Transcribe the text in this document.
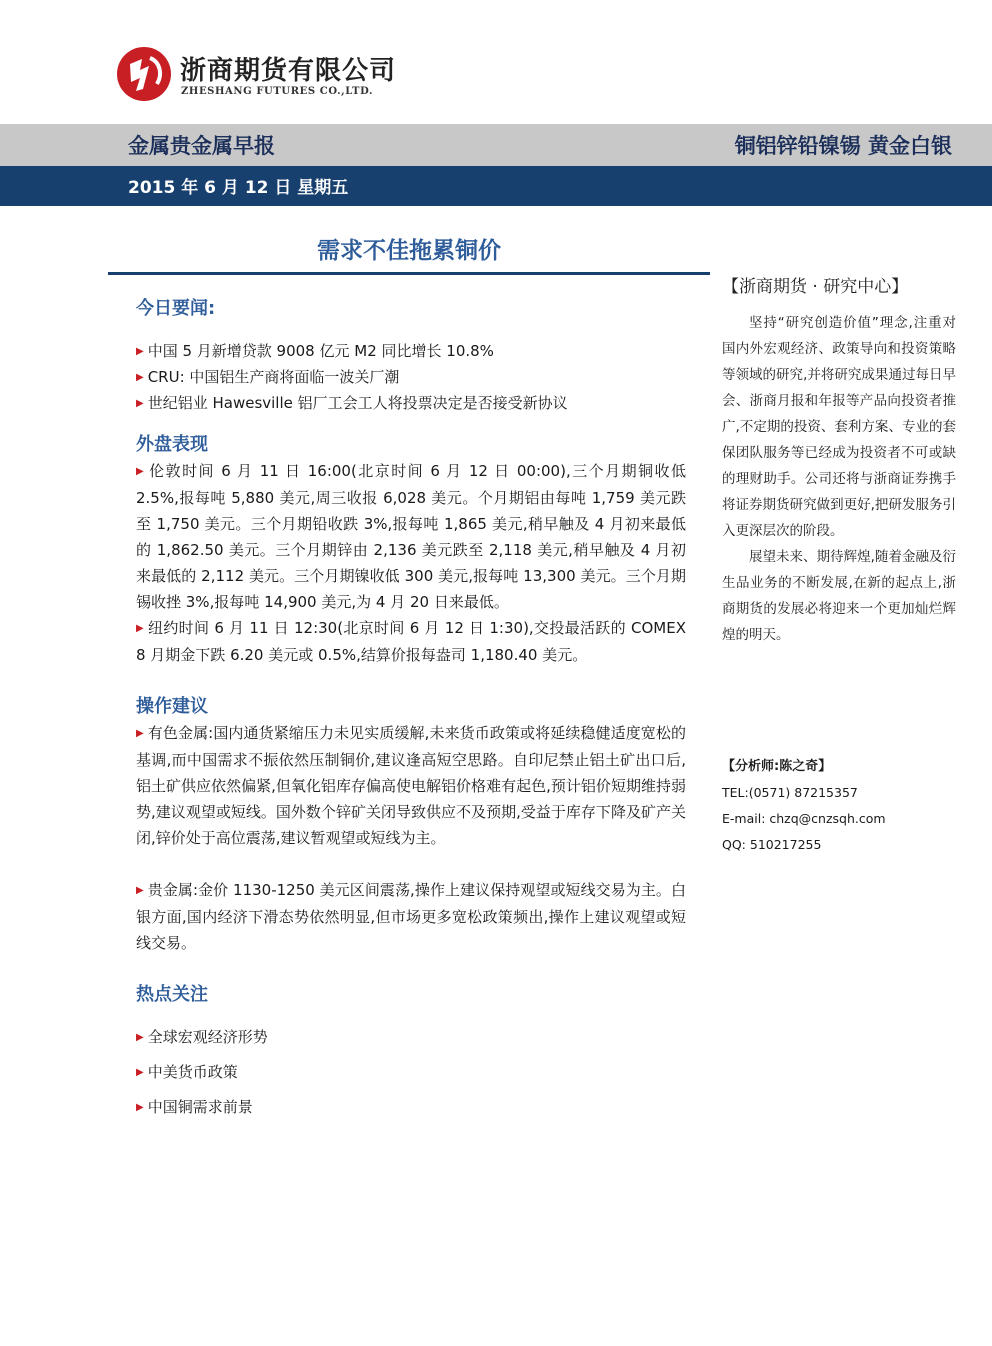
浙商期货有限公司
ZHESHANG FUTURES CO.,LTD.
金属贵金属早报	铜铝锌铅镍锡 黄金白银
2015 年 6 月 12 日 星期五
需求不佳拖累铜价
今日要闻:
▶ 中国 5 月新增贷款 9008 亿元 M2 同比增长 10.8%
▶ CRU: 中国铝生产商将面临一波关厂潮
▶ 世纪铝业 Hawesville 铝厂工会工人将投票决定是否接受新协议
外盘表现
▶ 伦敦时间 6 月 11 日 16:00(北京时间 6 月 12 日 00:00),三个月期铜收低 2.5%,报每吨 5,880 美元,周三收报 6,028 美元。个月期铝由每吨 1,759 美元跌至 1,750 美元。三个月期铅收跌 3%,报每吨 1,865 美元,稍早触及 4 月初来最低的 1,862.50 美元。三个月期锌由 2,136 美元跌至 2,118 美元,稍早触及 4 月初来最低的 2,112 美元。三个月期镍收低 300 美元,报每吨 13,300 美元。三个月期锡收挫 3%,报每吨 14,900 美元,为 4 月 20 日来最低。
▶ 纽约时间 6 月 11 日 12:30(北京时间 6 月 12 日 1:30),交投最活跃的 COMEX 8 月期金下跌 6.20 美元或 0.5%,结算价报每盎司 1,180.40 美元。
操作建议
▶ 有色金属:国内通货紧缩压力未见实质缓解,未来货币政策或将延续稳健适度宽松的基调,而中国需求不振依然压制铜价,建议逢高短空思路。自印尼禁止铝土矿出口后,铝土矿供应依然偏紧,但氧化铝库存偏高使电解铝价格难有起色,预计铝价短期维持弱势,建议观望或短线。国外数个锌矿关闭导致供应不及预期,受益于库存下降及矿产关闭,锌价处于高位震荡,建议暂观望或短线为主。
▶ 贵金属:金价 1130-1250 美元区间震荡,操作上建议保持观望或短线交易为主。白银方面,国内经济下滑态势依然明显,但市场更多宽松政策频出,操作上建议观望或短线交易。
热点关注
▶ 全球宏观经济形势
▶ 中美货币政策
▶ 中国铜需求前景
【浙商期货 · 研究中心】

坚持“研究创造价值”理念,注重对国内外宏观经济、政策导向和投资策略等领域的研究,并将研究成果通过每日早会、浙商月报和年报等产品向投资者推广,不定期的投资、套利方案、专业的套保团队服务等已经成为投资者不可或缺的理财助手。公司还将与浙商证券携手将证券期货研究做到更好,把研发服务引入更深层次的阶段。

展望未来、期待辉煌,随着金融及衍生品业务的不断发展,在新的起点上,浙商期货的发展必将迎来一个更加灿烂辉煌的明天。

【分析师:陈之奇】
TEL:(0571) 87215357
E-mail: chzq@cnzsqh.com
QQ: 510217255
